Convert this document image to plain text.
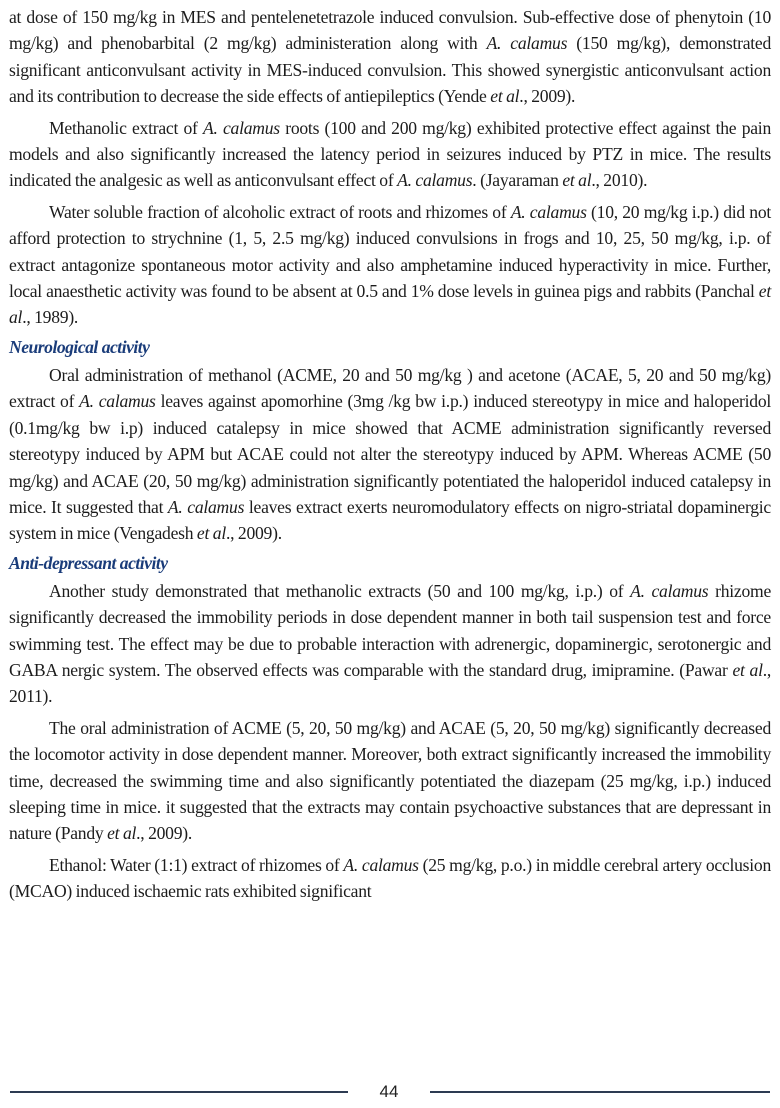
at dose of 150 mg/kg in MES and pentelenetetrazole induced convulsion. Sub-effective dose of phenytoin (10 mg/kg) and phenobarbital (2 mg/kg) administeration along with A. calamus (150 mg/kg), demonstrated significant anticonvulsant activity in MES-induced convulsion. This showed synergistic anticonvulsant action and its contribution to decrease the side effects of antiepileptics (Yende et al., 2009).

Methanolic extract of A. calamus roots (100 and 200 mg/kg) exhibited protective effect against the pain models and also significantly increased the latency period in seizures induced by PTZ in mice. The results indicated the analgesic as well as anticonvulsant effect of A. calamus. (Jayaraman et al., 2010).

Water soluble fraction of alcoholic extract of roots and rhizomes of A. calamus (10, 20 mg/kg i.p.) did not afford protection to strychnine (1, 5, 2.5 mg/kg) induced convulsions in frogs and 10, 25, 50 mg/kg, i.p. of extract antagonize spontaneous motor activity and also amphetamine induced hyperactivity in mice. Further, local anaesthetic activity was found to be absent at 0.5 and 1% dose levels in guinea pigs and rabbits (Panchal et al., 1989).

Neurological activity

Oral administration of methanol (ACME, 20 and 50 mg/kg ) and acetone (ACAE, 5, 20 and 50 mg/kg) extract of A. calamus leaves against apomorhine (3mg /kg bw i.p.) induced stereotypy in mice and haloperidol (0.1mg/kg bw i.p) induced catalepsy in mice showed that ACME administration significantly reversed stereotypy induced by APM but ACAE could not alter the stereotypy induced by APM. Whereas ACME (50 mg/kg) and ACAE (20, 50 mg/kg) administration significantly potentiated the haloperidol induced catalepsy in mice. It suggested that A. calamus leaves extract exerts neuromodulatory effects on nigro-striatal dopaminergic system in mice (Vengadesh et al., 2009).

Anti-depressant activity

Another study demonstrated that methanolic extracts (50 and 100 mg/kg, i.p.) of A. calamus rhizome significantly decreased the immobility periods in dose dependent manner in both tail suspension test and force swimming test. The effect may be due to probable interaction with adrenergic, dopaminergic, serotonergic and GABA nergic system. The observed effects was comparable with the standard drug, imipramine. (Pawar et al., 2011).

The oral administration of ACME (5, 20, 50 mg/kg) and ACAE (5, 20, 50 mg/kg) significantly decreased the locomotor activity in dose dependent manner. Moreover, both extract significantly increased the immobility time, decreased the swimming time and also significantly potentiated the diazepam (25 mg/kg, i.p.) induced sleeping time in mice. it suggested that the extracts may contain psychoactive substances that are depressant in nature (Pandy et al., 2009).

Ethanol: Water (1:1) extract of rhizomes of A. calamus (25 mg/kg, p.o.) in middle cerebral artery occlusion (MCAO) induced ischaemic rats exhibited significant

44
